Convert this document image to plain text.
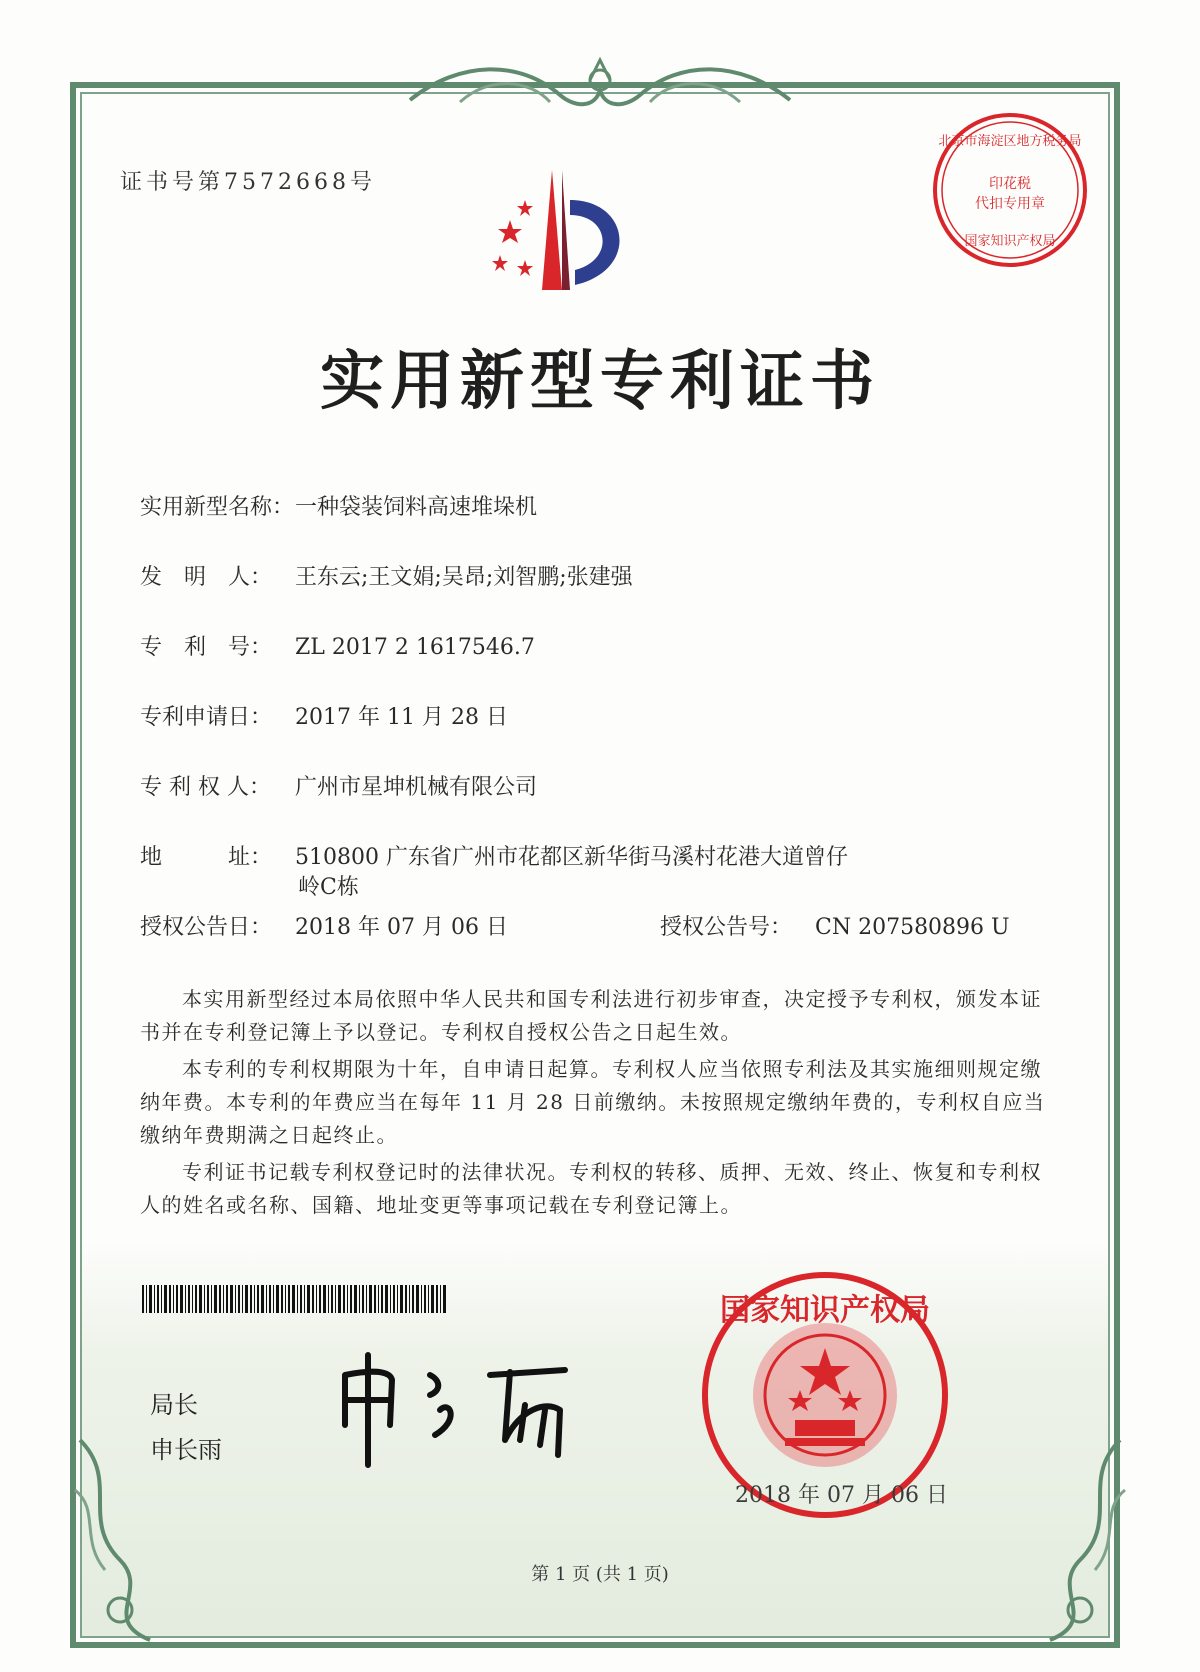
证书号第7572668号
北京市海淀区地方税务局
印花税
代扣专用章
国家知识产权局
实用新型专利证书
实用新型名称：一种袋装饲料高速堆垛机
发　明　人： 王东云;王文娟;吴昂;刘智鹏;张建强
专　利　号： ZL 2017 2 1617546.7
专利申请日： 2017 年 11 月 28 日
专 利 权 人： 广州市星坤机械有限公司
地　　　址： 510800 广东省广州市花都区新华街马溪村花港大道曾仔
岭C栋
授权公告日： 2018 年 07 月 06 日	授权公告号： CN 207580896 U
本实用新型经过本局依照中华人民共和国专利法进行初步审查，决定授予专利权，颁发本证书并在专利登记簿上予以登记。专利权自授权公告之日起生效。
本专利的专利权期限为十年，自申请日起算。专利权人应当依照专利法及其实施细则规定缴纳年费。本专利的年费应当在每年 11 月 28 日前缴纳。未按照规定缴纳年费的，专利权自应当缴纳年费期满之日起终止。
专利证书记载专利权登记时的法律状况。专利权的转移、质押、无效、终止、恢复和专利权人的姓名或名称、国籍、地址变更等事项记载在专利登记簿上。
局长
申长雨
国家知识产权局
2018 年 07 月 06 日
第 1 页 (共 1 页)
